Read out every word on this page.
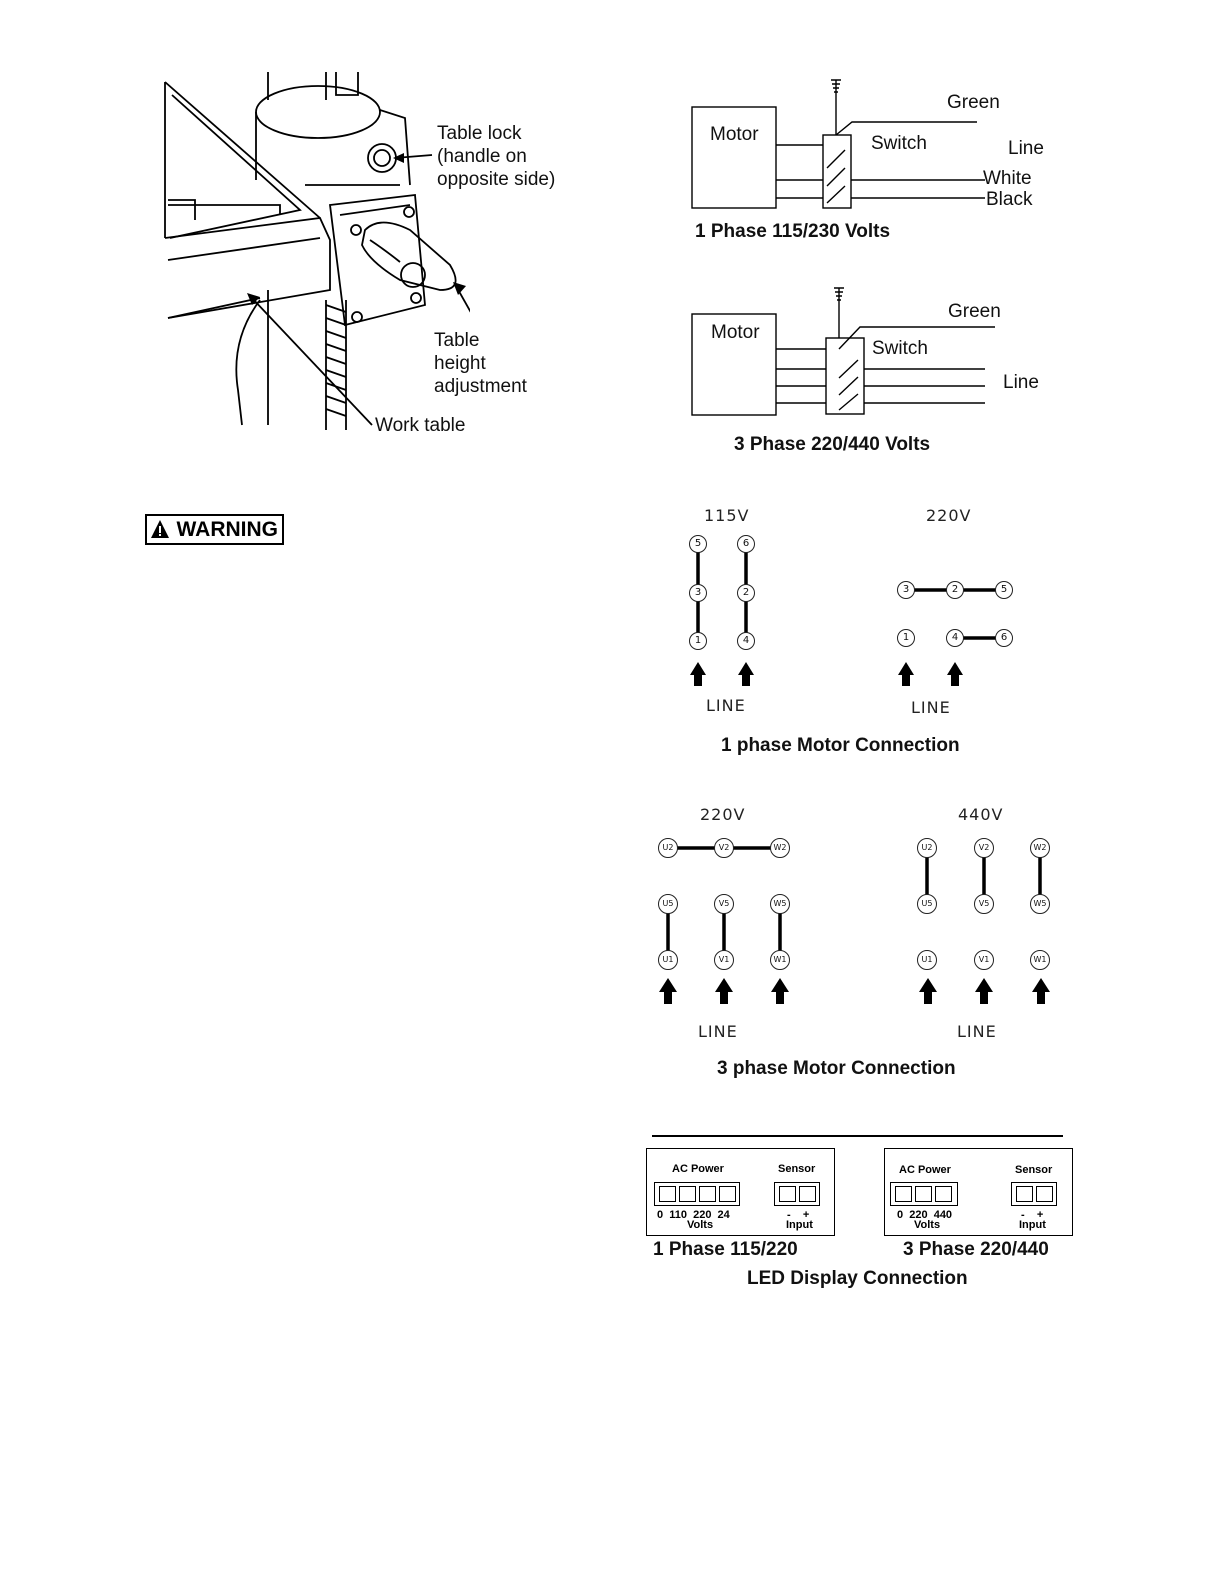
Table lock
(handle on
opposite side)
Table
height
adjustment
Work table
WARNING
Motor	Switch
Green
Line
White
Black
1 Phase 115/230 Volts
Motor
Switch
Green
Line
3 Phase 220/440 Volts
115V	220V
5
3
1
6
2
4
3	2	5
1	4	6
LINE	LINE
1 phase Motor Connection
220V	440V
U2	V2	W2
U5	V5	W5
U1	V1	W1
U2	V2	W2
U5	V5	W5
U1	V1	W1
LINE	LINE
3 phase Motor Connection
AC Power	Sensor
0  110  220  24
Volts
-    +
Input
AC Power	Sensor
0  220  440
Volts
-    +
Input
1 Phase 115/220	3 Phase 220/440
LED Display Connection
